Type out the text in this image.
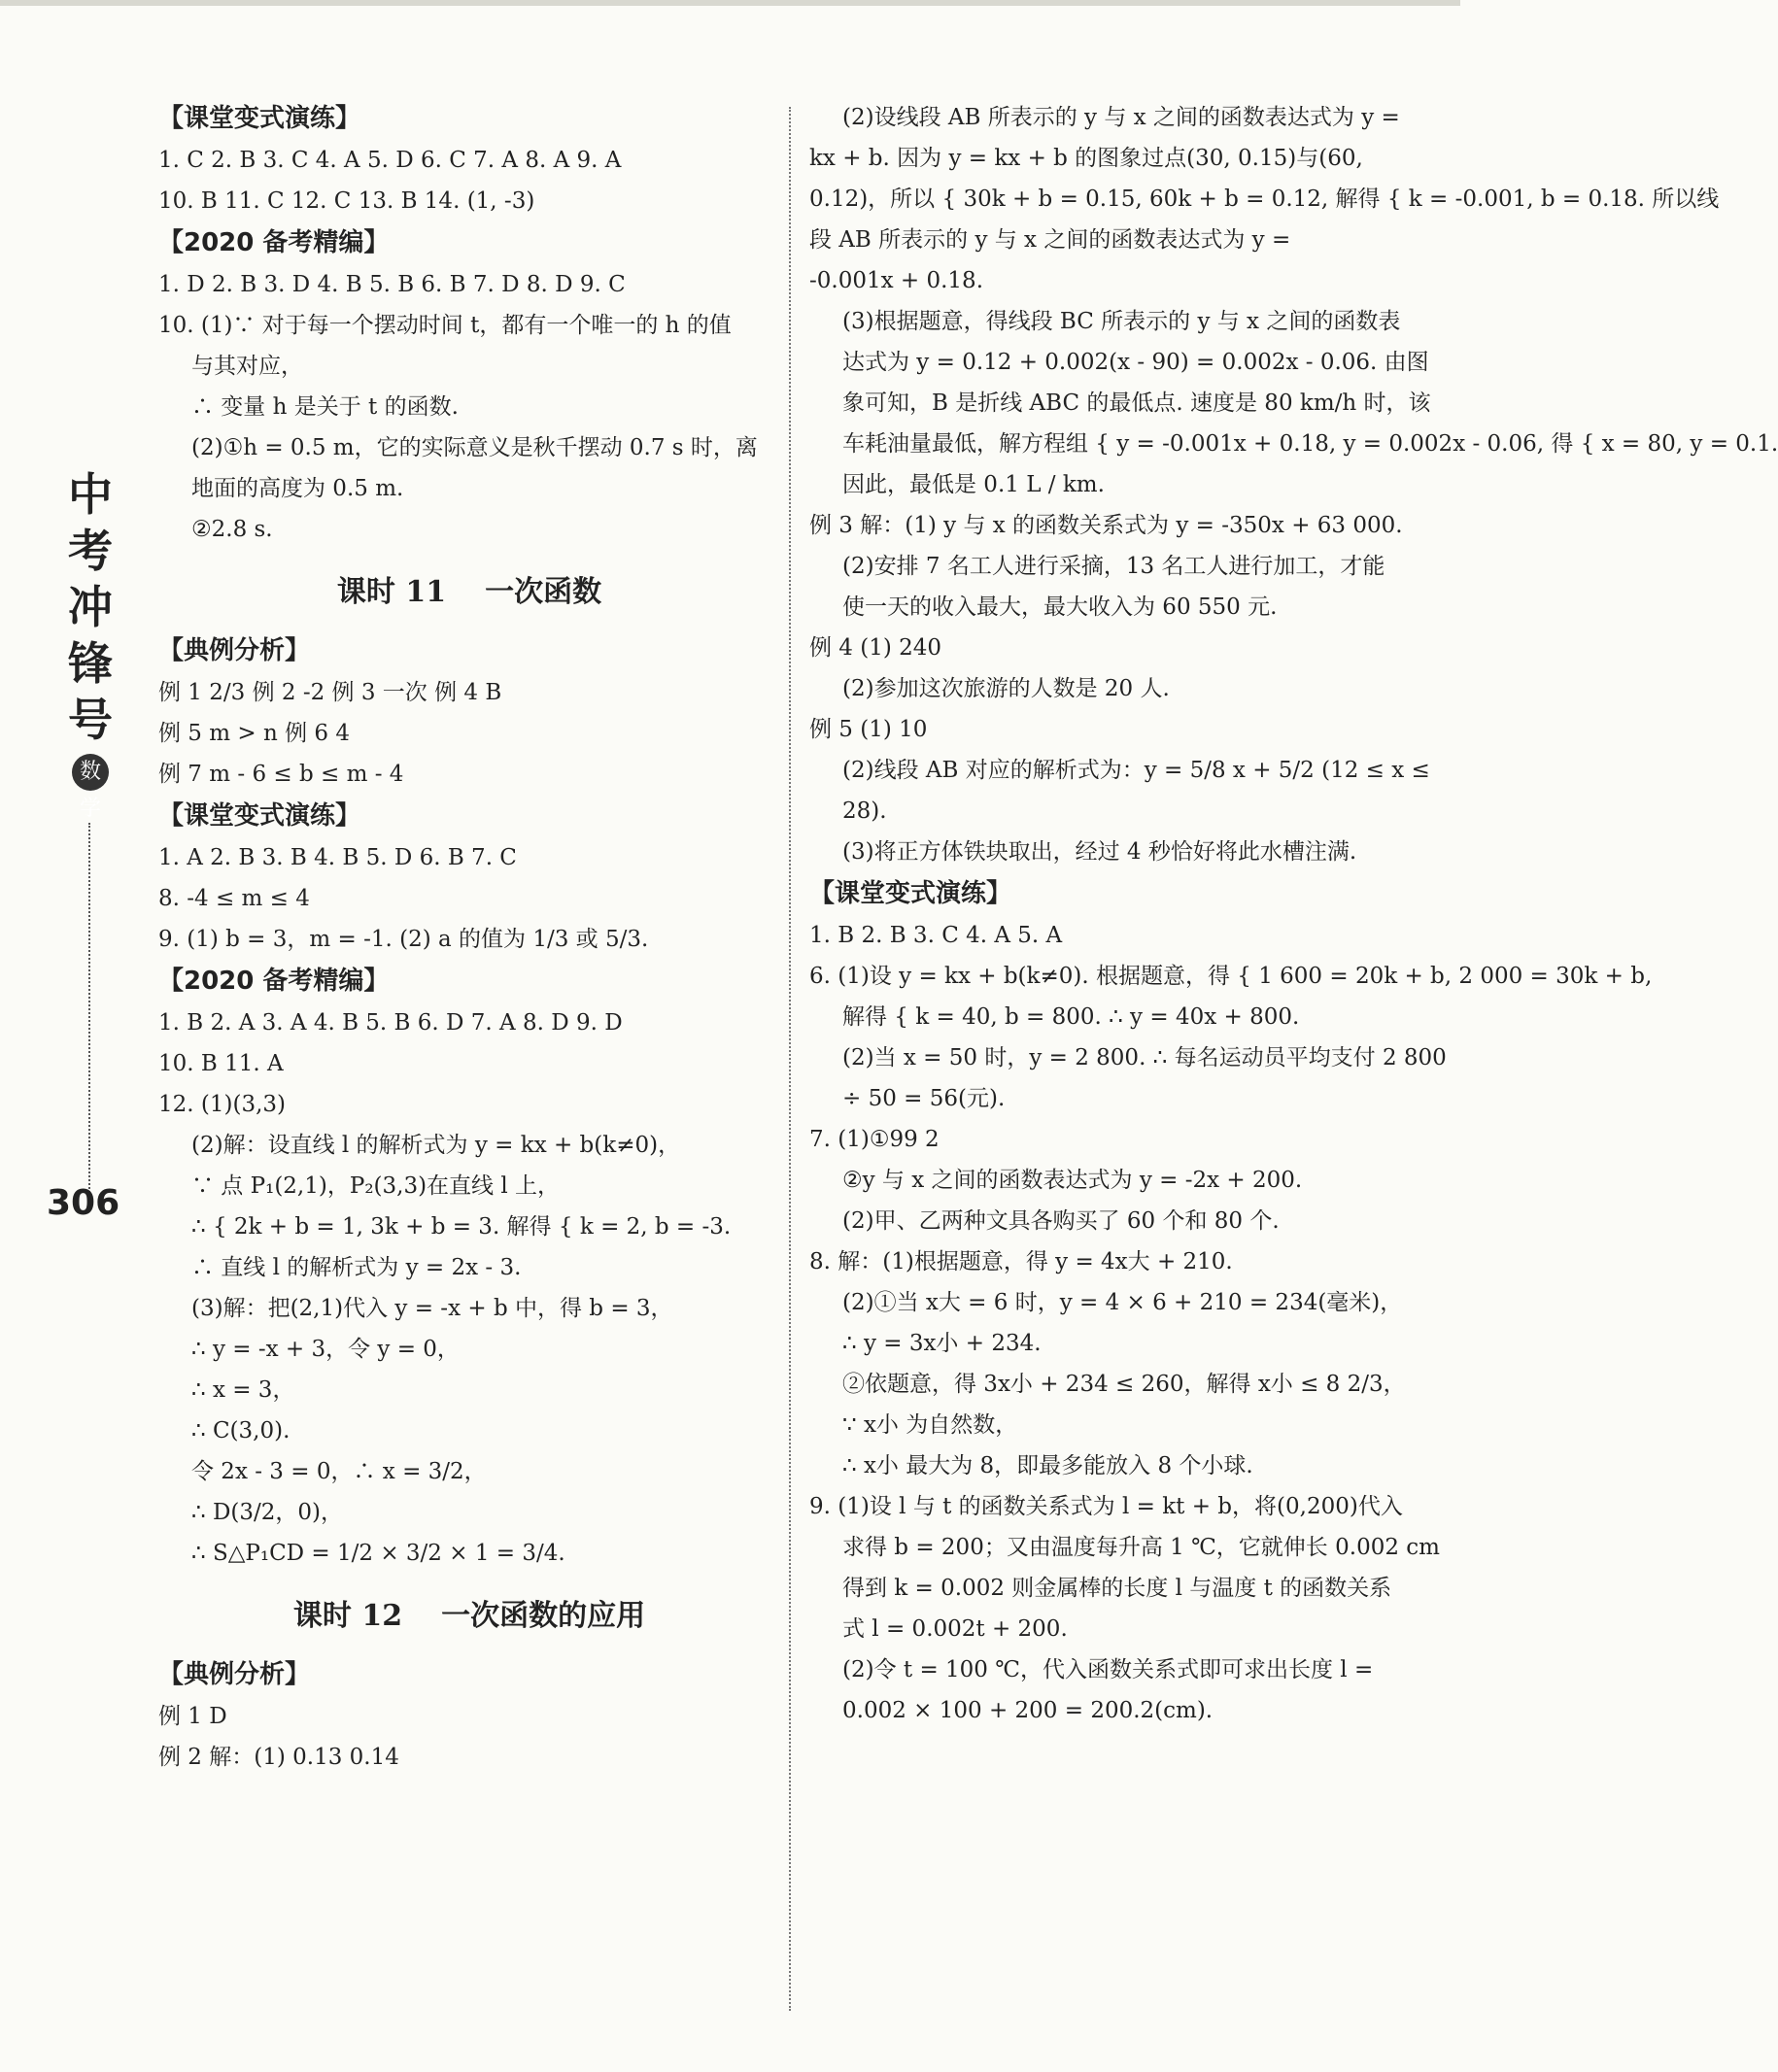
中
考
冲
锋
号
数学
306
【课堂变式演练】
1. C 2. B 3. C 4. A 5. D 6. C 7. A 8. A 9. A
10. B 11. C 12. C 13. B 14. (1, -3)
【2020 备考精编】
1. D 2. B 3. D 4. B 5. B 6. B 7. D 8. D 9. C
10. (1)∵ 对于每一个摆动时间 t，都有一个唯一的 h 的值
与其对应，
∴ 变量 h 是关于 t 的函数.
(2)①h = 0.5 m，它的实际意义是秋千摆动 0.7 s 时，离
地面的高度为 0.5 m.
②2.8 s.
课时 11 一次函数
【典例分析】
例 1 2/3 例 2 -2 例 3 一次 例 4 B
例 5 m > n 例 6 4
例 7 m - 6 ≤ b ≤ m - 4
【课堂变式演练】
1. A 2. B 3. B 4. B 5. D 6. B 7. C
8. -4 ≤ m ≤ 4
9. (1) b = 3，m = -1. (2) a 的值为 1/3 或 5/3.
【2020 备考精编】
1. B 2. A 3. A 4. B 5. B 6. D 7. A 8. D 9. D
10. B 11. A
12. (1)(3,3)
(2)解：设直线 l 的解析式为 y = kx + b(k≠0)，
∵ 点 P₁(2,1)，P₂(3,3)在直线 l 上，
∴ { 2k + b = 1, 3k + b = 3. 解得 { k = 2, b = -3.
∴ 直线 l 的解析式为 y = 2x - 3.
(3)解：把(2,1)代入 y = -x + b 中，得 b = 3，
∴ y = -x + 3，令 y = 0，
∴ x = 3，
∴ C(3,0).
令 2x - 3 = 0，∴ x = 3/2，
∴ D(3/2，0)，
∴ S△P₁CD = 1/2 × 3/2 × 1 = 3/4.
课时 12 一次函数的应用
【典例分析】
例 1 D
例 2 解：(1) 0.13 0.14
(2)设线段 AB 所表示的 y 与 x 之间的函数表达式为 y =
kx + b. 因为 y = kx + b 的图象过点(30, 0.15)与(60,
0.12)，所以 { 30k + b = 0.15, 60k + b = 0.12, 解得 { k = -0.001, b = 0.18. 所以线
段 AB 所表示的 y 与 x 之间的函数表达式为 y =
-0.001x + 0.18.
(3)根据题意，得线段 BC 所表示的 y 与 x 之间的函数表
达式为 y = 0.12 + 0.002(x - 90) = 0.002x - 0.06. 由图
象可知，B 是折线 ABC 的最低点. 速度是 80 km/h 时，该
车耗油量最低，解方程组 { y = -0.001x + 0.18, y = 0.002x - 0.06, 得 { x = 80, y = 0.1.
因此，最低是 0.1 L / km.
例 3 解：(1) y 与 x 的函数关系式为 y = -350x + 63 000.
(2)安排 7 名工人进行采摘，13 名工人进行加工，才能
使一天的收入最大，最大收入为 60 550 元.
例 4 (1) 240
(2)参加这次旅游的人数是 20 人.
例 5 (1) 10
(2)线段 AB 对应的解析式为：y = 5/8 x + 5/2 (12 ≤ x ≤
28).
(3)将正方体铁块取出，经过 4 秒恰好将此水槽注满.
【课堂变式演练】
1. B 2. B 3. C 4. A 5. A
6. (1)设 y = kx + b(k≠0). 根据题意，得 { 1 600 = 20k + b, 2 000 = 30k + b,
解得 { k = 40, b = 800. ∴ y = 40x + 800.
(2)当 x = 50 时，y = 2 800. ∴ 每名运动员平均支付 2 800
÷ 50 = 56(元).
7. (1)①99 2
②y 与 x 之间的函数表达式为 y = -2x + 200.
(2)甲、乙两种文具各购买了 60 个和 80 个.
8. 解：(1)根据题意，得 y = 4x大 + 210.
(2)①当 x大 = 6 时，y = 4 × 6 + 210 = 234(毫米)，
∴ y = 3x小 + 234.
②依题意，得 3x小 + 234 ≤ 260，解得 x小 ≤ 8 2/3，
∵ x小 为自然数，
∴ x小 最大为 8，即最多能放入 8 个小球.
9. (1)设 l 与 t 的函数关系式为 l = kt + b，将(0,200)代入
求得 b = 200；又由温度每升高 1 ℃，它就伸长 0.002 cm
得到 k = 0.002 则金属棒的长度 l 与温度 t 的函数关系
式 l = 0.002t + 200.
(2)令 t = 100 ℃，代入函数关系式即可求出长度 l =
0.002 × 100 + 200 = 200.2(cm).
